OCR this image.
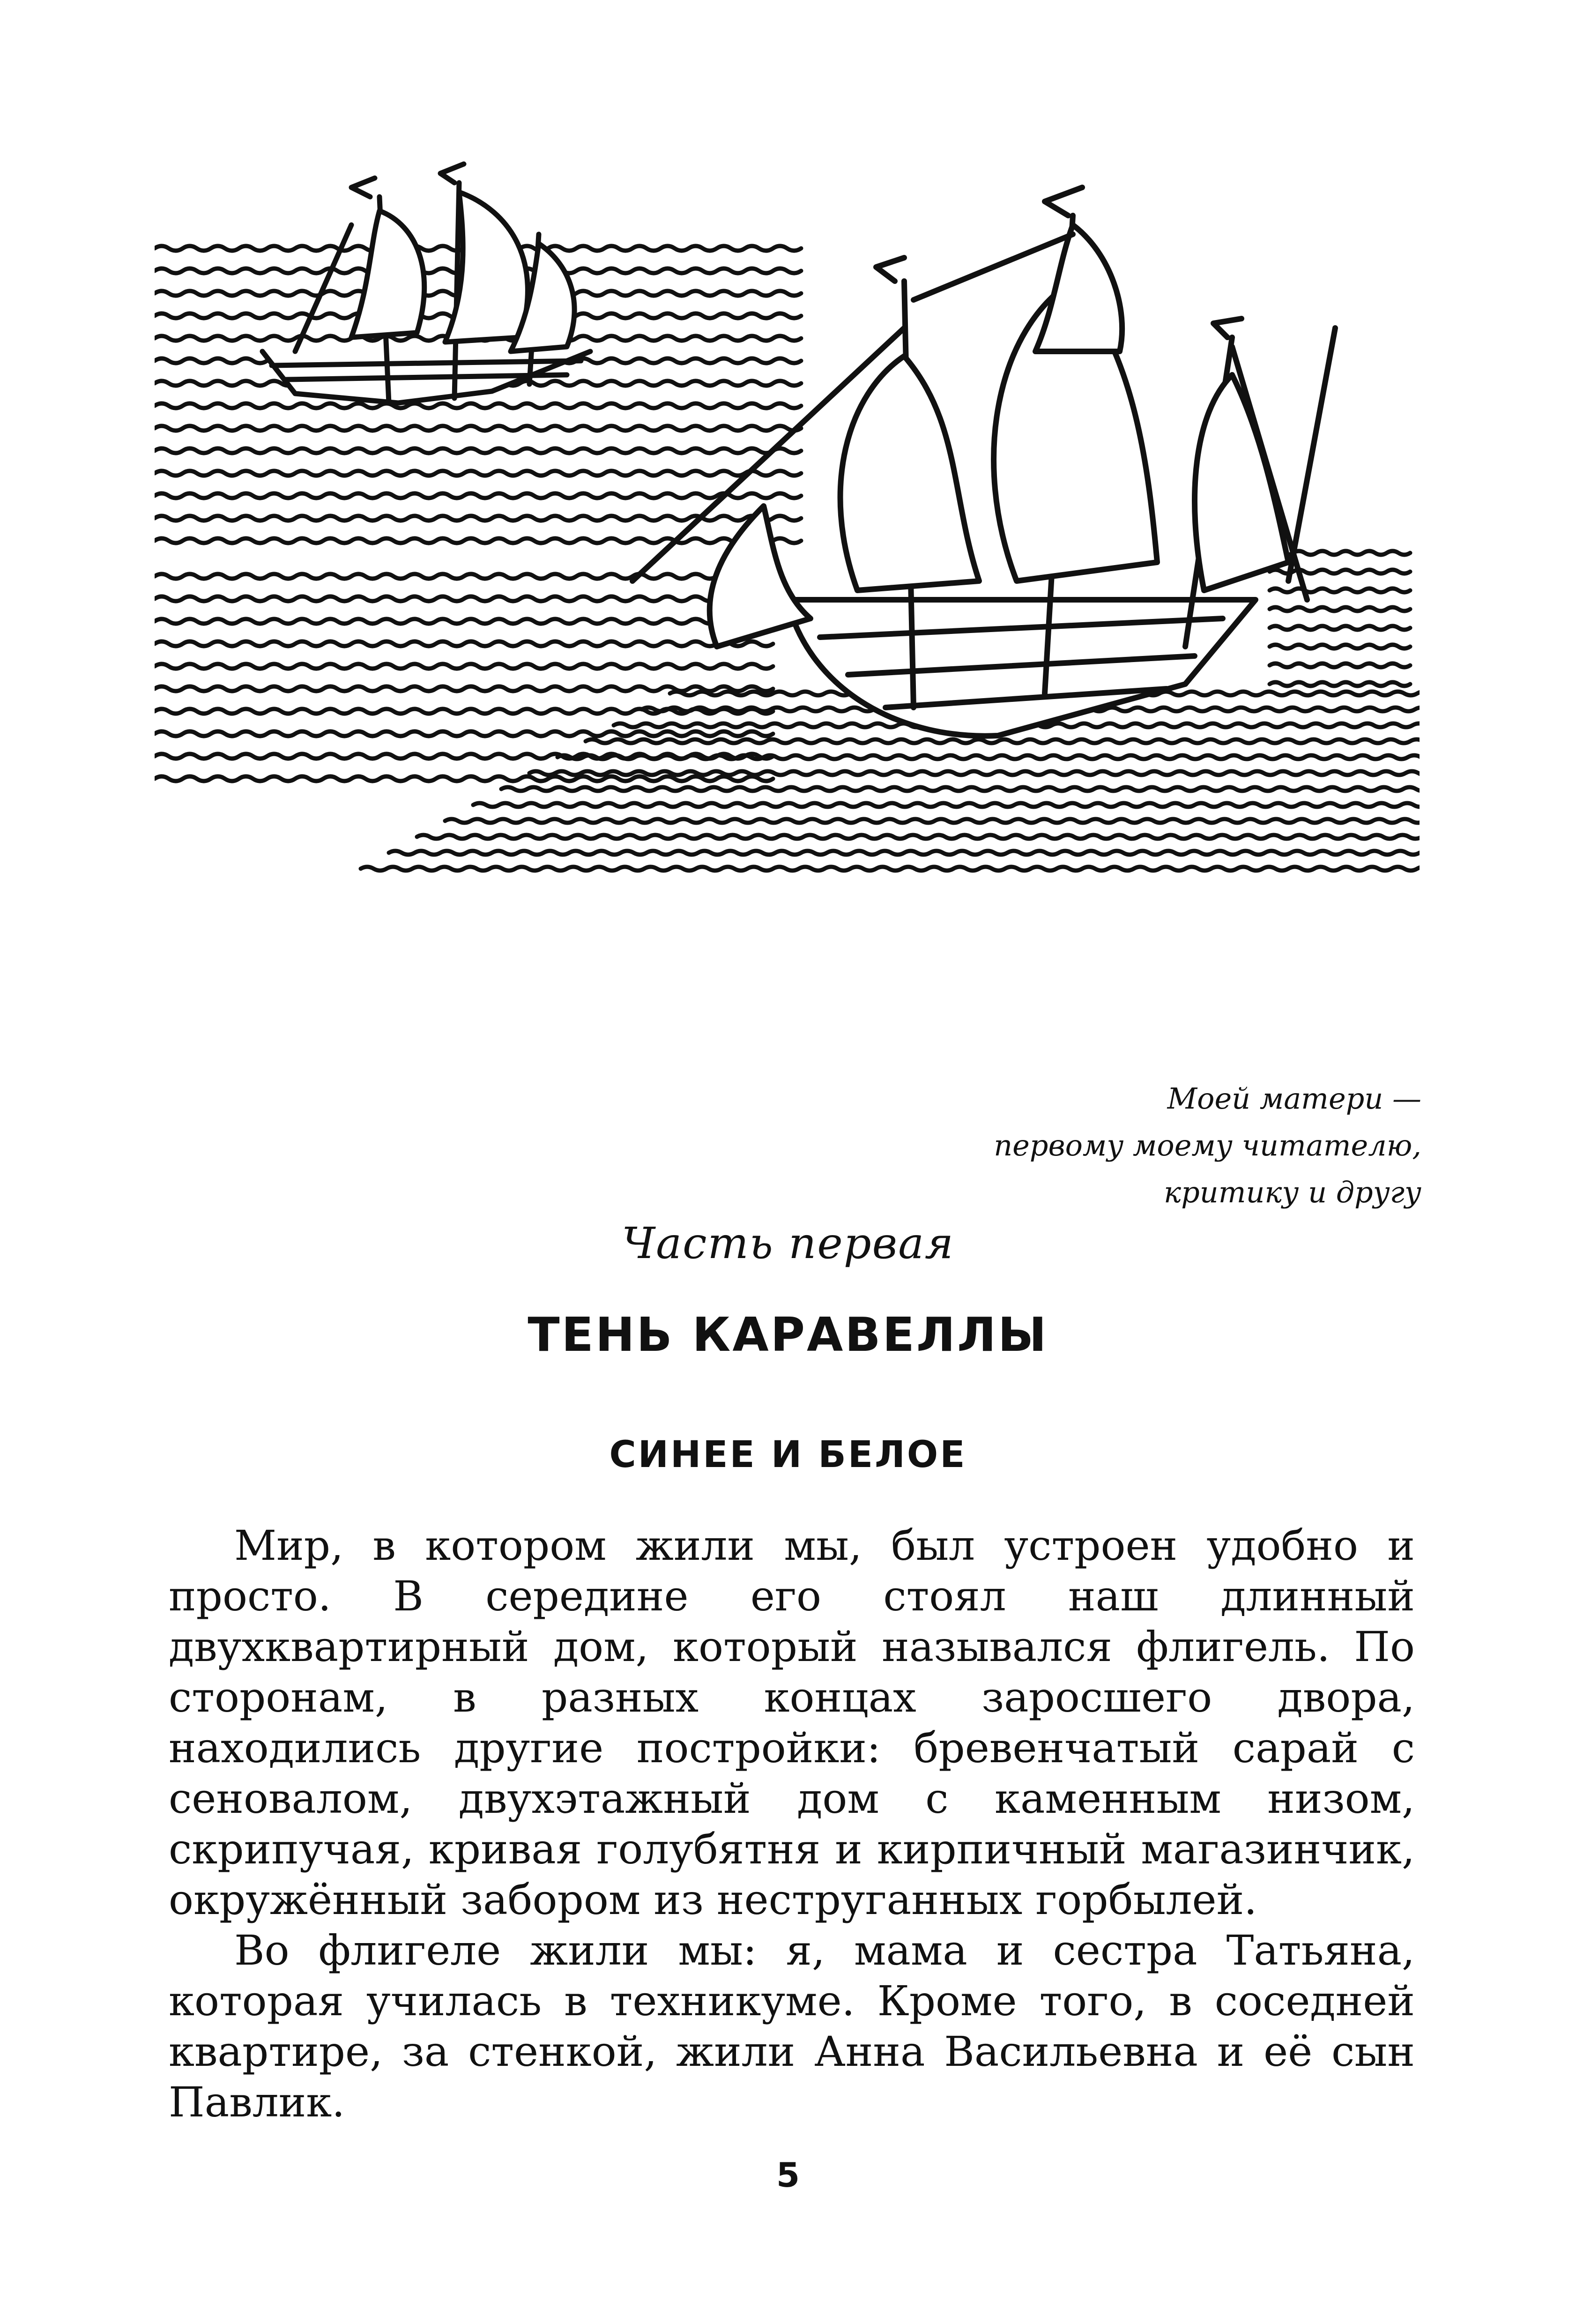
Моей матери —
первому моему читателю,
критику и другу
Часть первая
ТЕНЬ КАРАВЕЛЛЫ
СИНЕЕ И БЕЛОЕ

Мир, в котором жили мы, был устроен удобно и просто. В середине его стоял наш длинный двухквартирный дом, который назывался флигель. По сторонам, в разных концах заросшего двора, находились другие постройки: бревенчатый сарай с сеновалом, двухэтажный дом с каменным низом, скрипучая, кривая голубятня и кирпичный магазинчик, окружённый забором из неструганных горбылей.

Во флигеле жили мы: я, мама и сестра Татьяна, которая училась в техникуме. Кроме того, в соседней квартире, за стенкой, жили Анна Васильевна и её сын Павлик.

5
